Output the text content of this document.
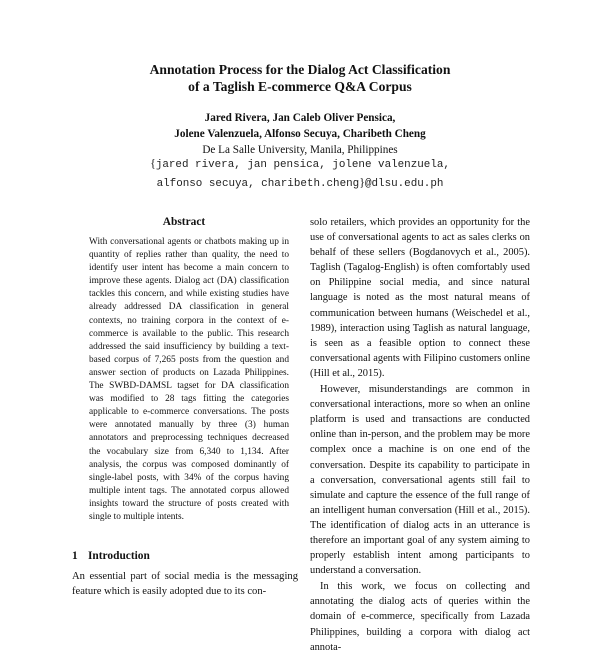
Annotation Process for the Dialog Act Classification
of a Taglish E-commerce Q&A Corpus
Jared Rivera, Jan Caleb Oliver Pensica,
Jolene Valenzuela, Alfonso Secuya, Charibeth Cheng
De La Salle University, Manila, Philippines
{jared rivera, jan pensica, jolene valenzuela,
alfonso secuya, charibeth.cheng}@dlsu.edu.ph
Abstract
With conversational agents or chatbots making up in quantity of replies rather than quality, the need to identify user intent has become a main concern to improve these agents. Dialog act (DA) classification tackles this concern, and while existing studies have already addressed DA classification in general contexts, no training corpora in the context of e-commerce is available to the public. This research addressed the said insufficiency by building a text-based corpus of 7,265 posts from the question and answer section of products on Lazada Philippines. The SWBD-DAMSL tagset for DA classification was modified to 28 tags fitting the categories applicable to e-commerce conversations. The posts were annotated manually by three (3) human annotators and preprocessing techniques decreased the vocabulary size from 6,340 to 1,134. After analysis, the corpus was composed dominantly of single-label posts, with 34% of the corpus having multiple intent tags. The annotated corpus allowed insights toward the structure of posts created with single to multiple intents.
1 Introduction
An essential part of social media is the messaging feature which is easily adopted due to its con-

solo retailers, which provides an opportunity for the use of conversational agents to act as sales clerks on behalf of these sellers (Bogdanovych et al., 2005). Taglish (Tagalog-English) is often comfortably used on Philippine social media, and since natural language is noted as the most natural means of communication between humans (Weischedel et al., 1989), interaction using Taglish as natural language, is seen as a feasible option to connect these conversational agents with Filipino customers online (Hill et al., 2015).

However, misunderstandings are common in conversational interactions, more so when an online platform is used and transactions are conducted online than in-person, and the problem may be more complex once a machine is on one end of the conversation. Despite its capability to participate in a conversation, conversational agents still fail to simulate and capture the essence of the full range of an intelligent human conversation (Hill et al., 2015). The identification of dialog acts in an utterance is therefore an important goal of any system aiming to properly establish intent among participants to understand a conversation.

In this work, we focus on collecting and annotating the dialog acts of queries within the domain of e-commerce, specifically from Lazada Philippines, building a corpora with dialog act annota-
